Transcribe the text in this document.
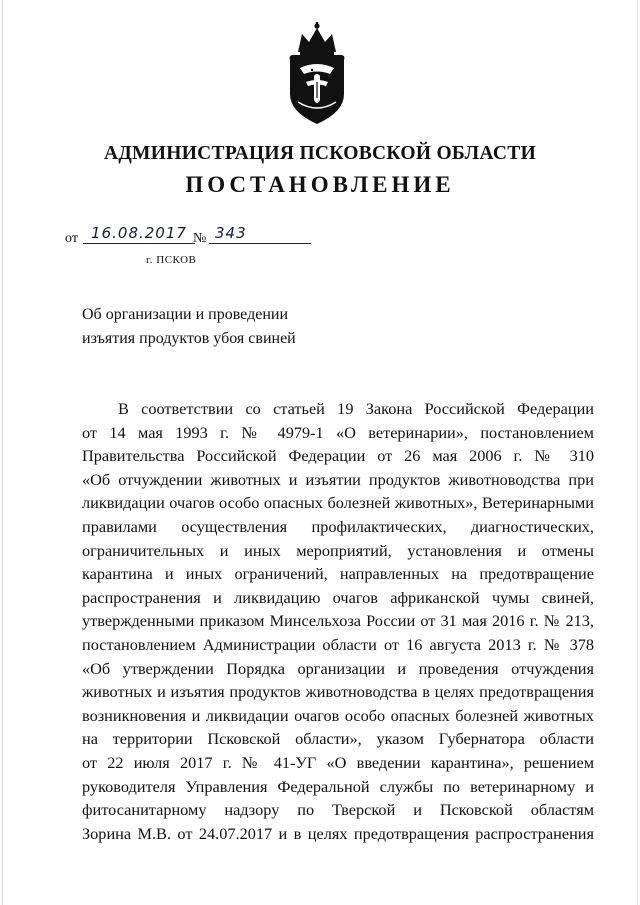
АДМИНИСТРАЦИЯ ПСКОВСКОЙ ОБЛАСТИ
ПОСТАНОВЛЕНИЕ
от 16.08.2017 № 343
г. ПСКОВ
Об организации и проведении
изъятия продуктов убоя свиней
В соответствии со статьей 19 Закона Российской Федерации
от 14 мая 1993 г. № 4979-1 «О ветеринарии», постановлением
Правительства Российской Федерации от 26 мая 2006 г. № 310
«Об отчуждении животных и изъятии продуктов животноводства при
ликвидации очагов особо опасных болезней животных», Ветеринарными
правилами осуществления профилактических, диагностических,
ограничительных и иных мероприятий, установления и отмены
карантина и иных ограничений, направленных на предотвращение
распространения и ликвидацию очагов африканской чумы свиней,
утвержденными приказом Минсельхоза России от 31 мая 2016 г. № 213,
постановлением Администрации области от 16 августа 2013 г. № 378
«Об утверждении Порядка организации и проведения отчуждения
животных и изъятия продуктов животноводства в целях предотвращения
возникновения и ликвидации очагов особо опасных болезней животных
на территории Псковской области», указом Губернатора области
от 22 июля 2017 г. № 41-УГ «О введении карантина», решением
руководителя Управления Федеральной службы по ветеринарному и
фитосанитарному надзору по Тверской и Псковской областям
Зорина М.В. от 24.07.2017 и в целях предотвращения распространения
